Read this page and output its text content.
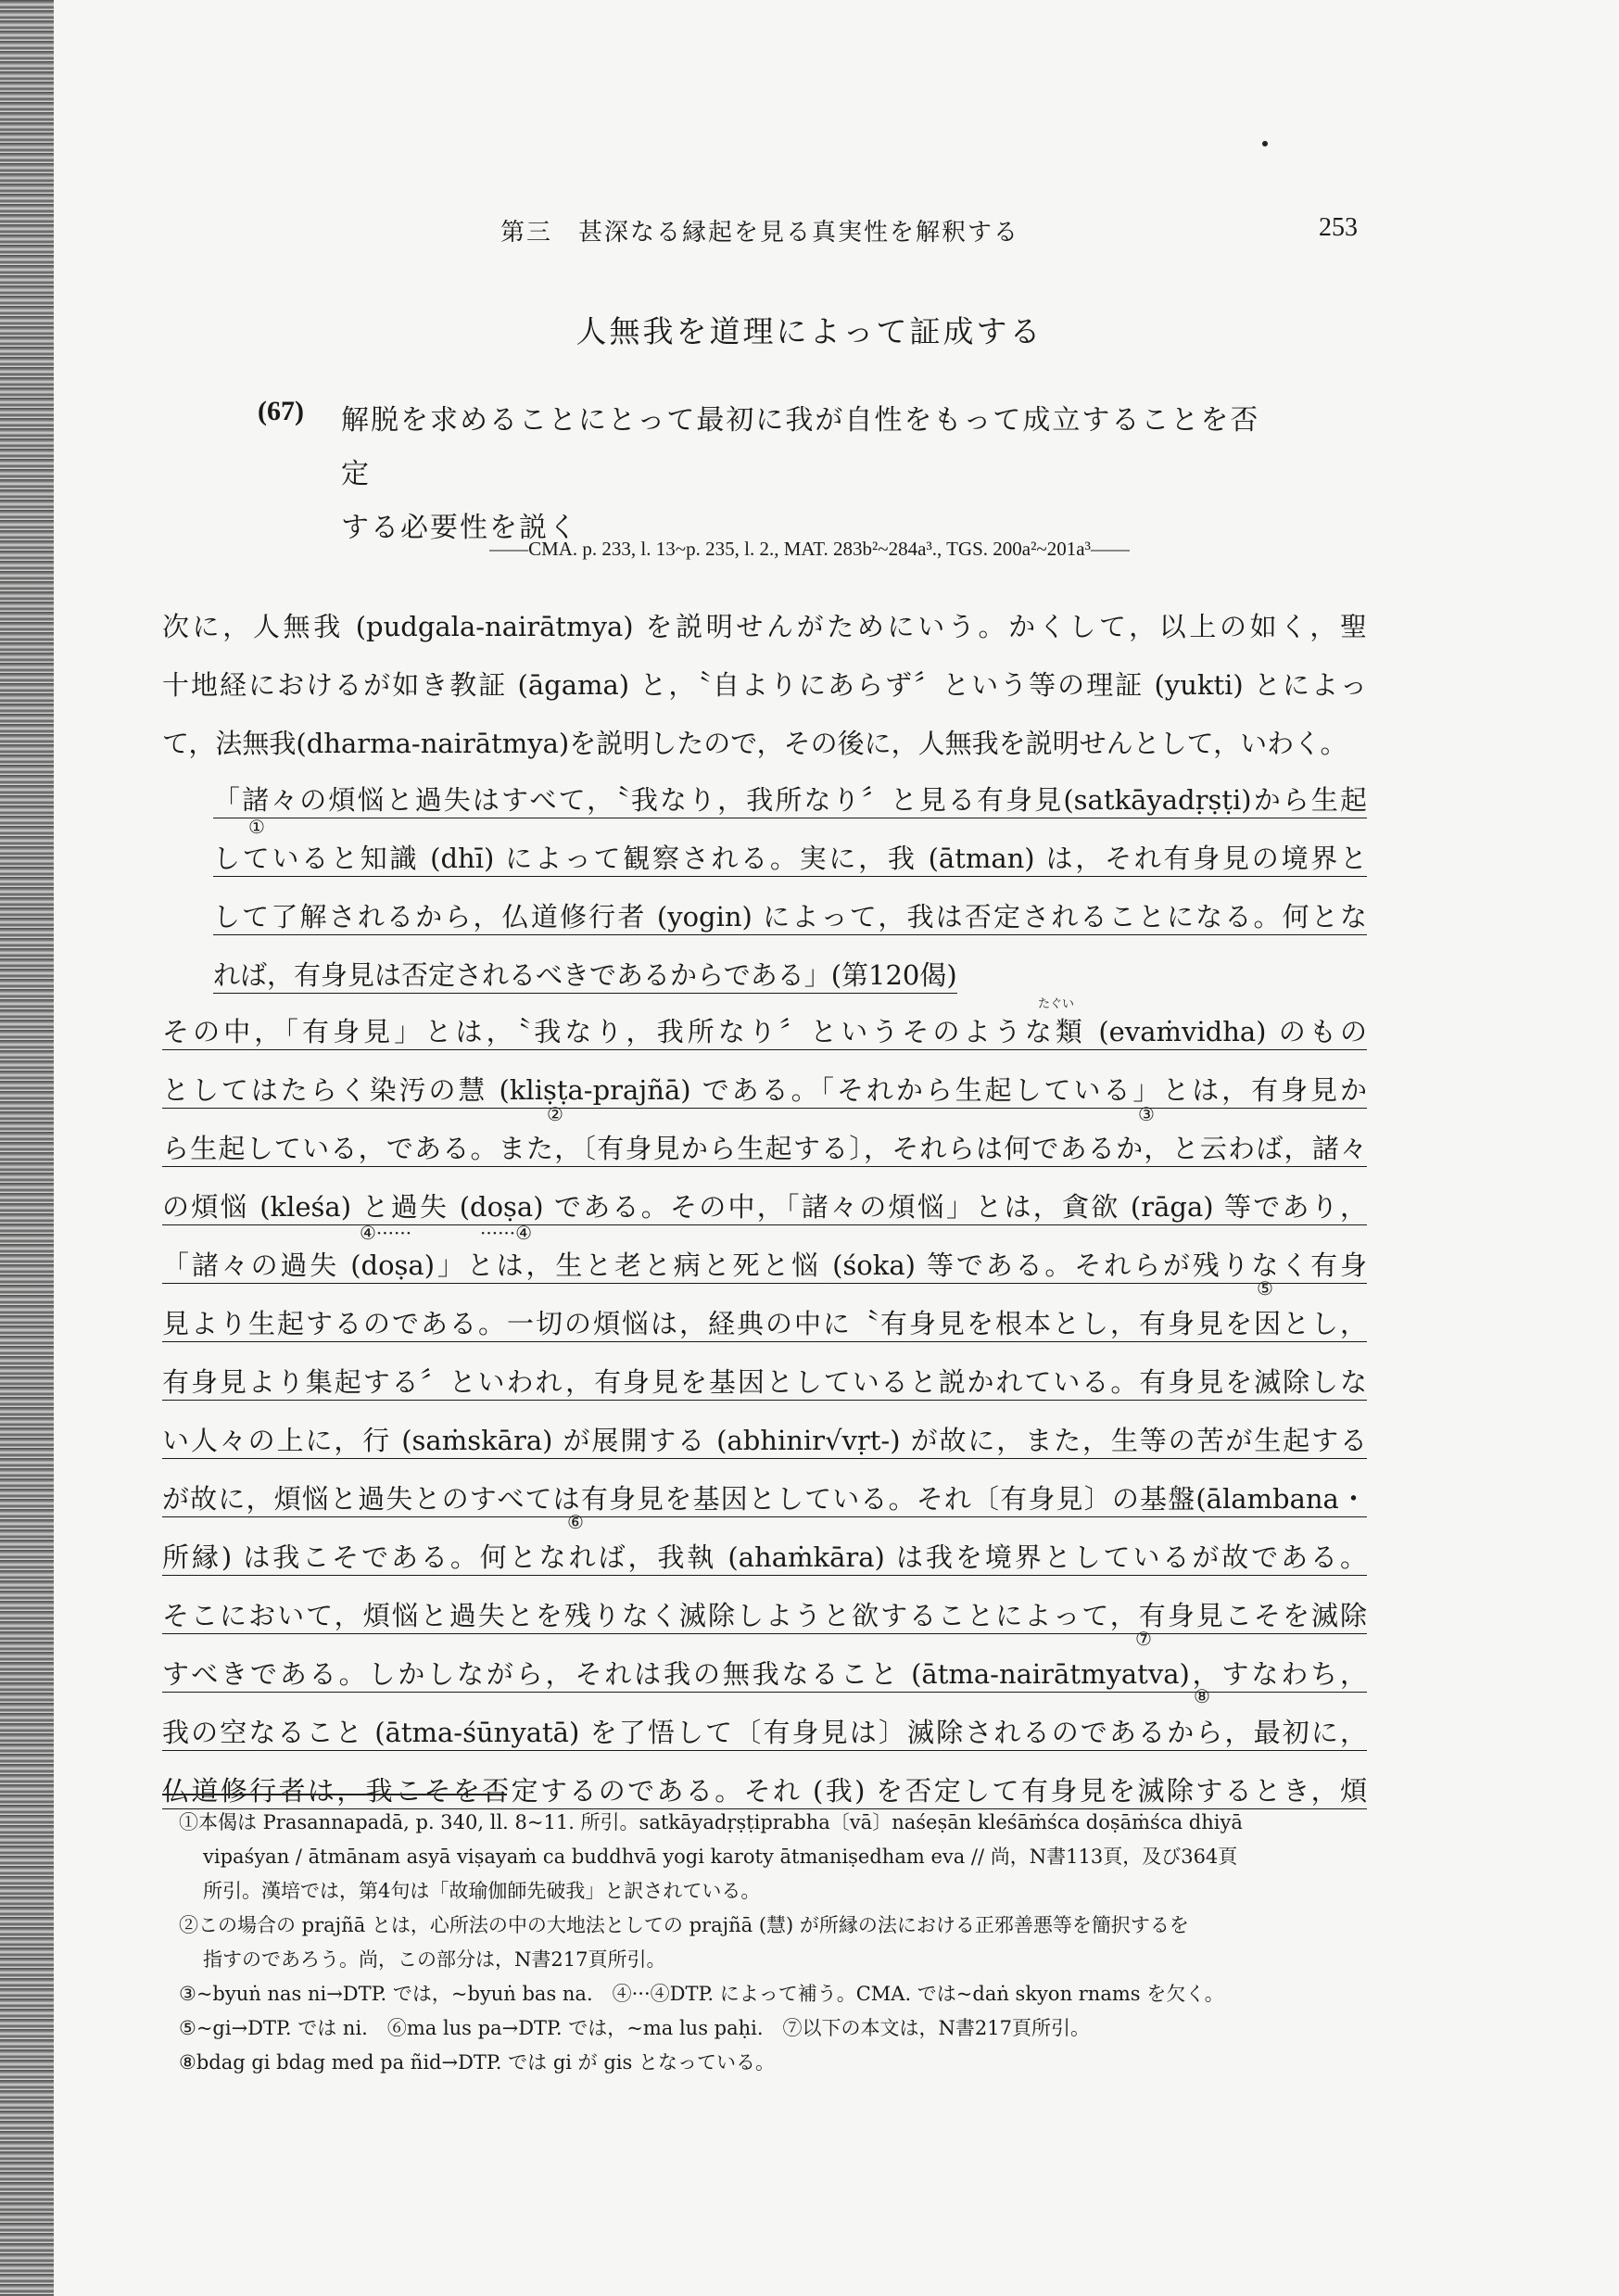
第三　甚深なる縁起を見る真実性を解釈する	253
人無我を道理によって証成する
(67) 解脱を求めることにとって最初に我が自性をもって成立することを否定
する必要性を説く
——CMA. p. 233, l. 13~p. 235, l. 2., MAT. 283b²~284a³., TGS. 200a²~201a³——
次に，人無我 (pudgala-nairātmya) を説明せんがためにいう。かくして，以上の如く，聖
十地経におけるが如き教証 (āgama) と，〝自よりにあらず〞という等の理証 (yukti) とによっ
て，法無我(dharma-nairātmya)を説明したので，その後に，人無我を説明せんとして，いわく。
「諸々の煩悩と過失はすべて，〝我なり，我所なり〞と見る有身見(satkāyadṛṣṭi)から生起
していると知識 (dhī) によって観察される。実に，我 (ātman) は，それ有身見の境界と
して了解されるから，仏道修行者 (yogin) によって，我は否定されることになる。何とな
れば，有身見は否定されるべきであるからである」(第120偈)
その中，「有身見」とは，〝我なり，我所なり〞というそのような類 (evaṁvidha) のもの
としてはたらく染汚の慧 (kliṣṭa-prajñā) である。「それから生起している」とは，有身見か
ら生起している，である。また，〔有身見から生起する〕，それらは何であるか，と云わば，諸々
の煩悩 (kleśa) と過失 (doṣa) である。その中，「諸々の煩悩」とは，貪欲 (rāga) 等であり，
「諸々の過失 (doṣa)」とは，生と老と病と死と悩 (śoka) 等である。それらが残りなく有身
見より生起するのである。一切の煩悩は，経典の中に〝有身見を根本とし，有身見を因とし，
有身見より集起する〞といわれ，有身見を基因としていると説かれている。有身見を滅除しな
い人々の上に，行 (saṁskāra) が展開する (abhinir√vṛt-) が故に，また，生等の苦が生起する
が故に，煩悩と過失とのすべては有身見を基因としている。それ〔有身見〕の基盤(ālambana・
所縁) は我こそである。何となれば，我執 (ahaṁkāra) は我を境界としているが故である。
そこにおいて，煩悩と過失とを残りなく滅除しようと欲することによって，有身見こそを滅除
すべきである。しかしながら，それは我の無我なること (ātma-nairātmyatva)，すなわち，
我の空なること (ātma-śūnyatā) を了悟して〔有身見は〕滅除されるのであるから，最初に，
仏道修行者は，我こそを否定するのである。それ (我) を否定して有身見を滅除するとき，煩
たぐい
①
②	③
④······	······④
⑤
⑥
⑦
⑧
①本偈は Prasannapadā, p. 340, ll. 8~11. 所引。satkāyadṛṣṭiprabha〔vā〕naśeṣān kleśāṁśca doṣāṁśca dhiyā
vipaśyan / ātmānam asyā viṣayaṁ ca buddhvā yogi karoty ātmaniṣedham eva // 尚，N書113頁，及び364頁
所引。漢培では，第4句は「故瑜伽師先破我」と訳されている。
②この場合の prajñā とは，心所法の中の大地法としての prajñā (慧) が所縁の法における正邪善悪等を簡択するを
指すのであろう。尚，この部分は，N書217頁所引。
③~byuṅ nas ni→DTP. では，~byuṅ bas na.　④···④DTP. によって補う。CMA. では~daṅ skyon rnams を欠く。
⑤~gi→DTP. では ni.　⑥ma lus pa→DTP. では，~ma lus paḥi.　⑦以下の本文は，N書217頁所引。
⑧bdag gi bdag med pa ñid→DTP. では gi が gis となっている。
